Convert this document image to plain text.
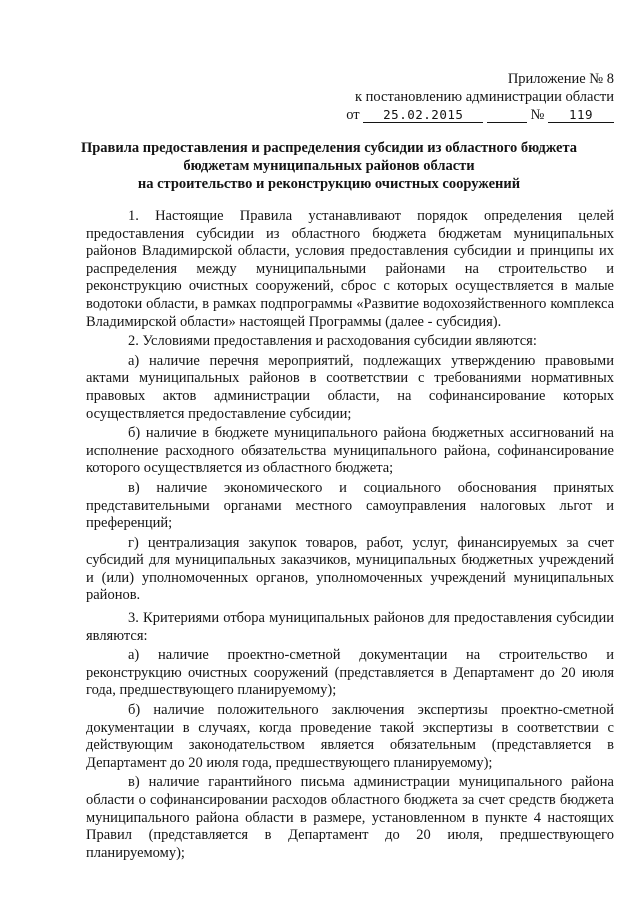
Приложение № 8
к постановлению администрации области
от 25.02.2015	№ 119
Правила предоставления и распределения субсидии из областного бюджета
бюджетам муниципальных районов области
на строительство и реконструкцию очистных сооружений

1. Настоящие Правила устанавливают порядок определения целей предоставления субсидии из областного бюджета бюджетам муниципальных районов Владимирской области, условия предоставления субсидии и принципы их распределения между муниципальными районами на строительство и реконструкцию очистных сооружений, сброс с которых осуществляется в малые водотоки области, в рамках подпрограммы «Развитие водохозяйственного комплекса Владимирской области» настоящей Программы (далее - субсидия).

2. Условиями предоставления и расходования субсидии являются:

а) наличие перечня мероприятий, подлежащих утверждению правовыми актами муниципальных районов в соответствии с требованиями нормативных правовых актов администрации области, на софинансирование которых осуществляется предоставление субсидии;

б) наличие в бюджете муниципального района бюджетных ассигнований на исполнение расходного обязательства муниципального района, софинансирование которого осуществляется из областного бюджета;

в) наличие экономического и социального обоснования принятых представительными органами местного самоуправления налоговых льгот и преференций;

г) централизация закупок товаров, работ, услуг, финансируемых за счет субсидий для муниципальных заказчиков, муниципальных бюджетных учреждений и (или) уполномоченных органов, уполномоченных учреждений муниципальных районов.

3. Критериями отбора муниципальных районов для предоставления субсидии являются:

а) наличие проектно-сметной документации на строительство и реконструкцию очистных сооружений (представляется в Департамент до 20 июля года, предшествующего планируемому);

б) наличие положительного заключения экспертизы проектно-сметной документации в случаях, когда проведение такой экспертизы в соответствии с действующим законодательством является обязательным (представляется в Департамент до 20 июля года, предшествующего планируемому);

в) наличие гарантийного письма администрации муниципального района области о софинансировании расходов областного бюджета за счет средств бюджета муниципального района области в размере, установленном в пункте 4 настоящих Правил (представляется в Департамент до 20 июля, предшествующего планируемому);
